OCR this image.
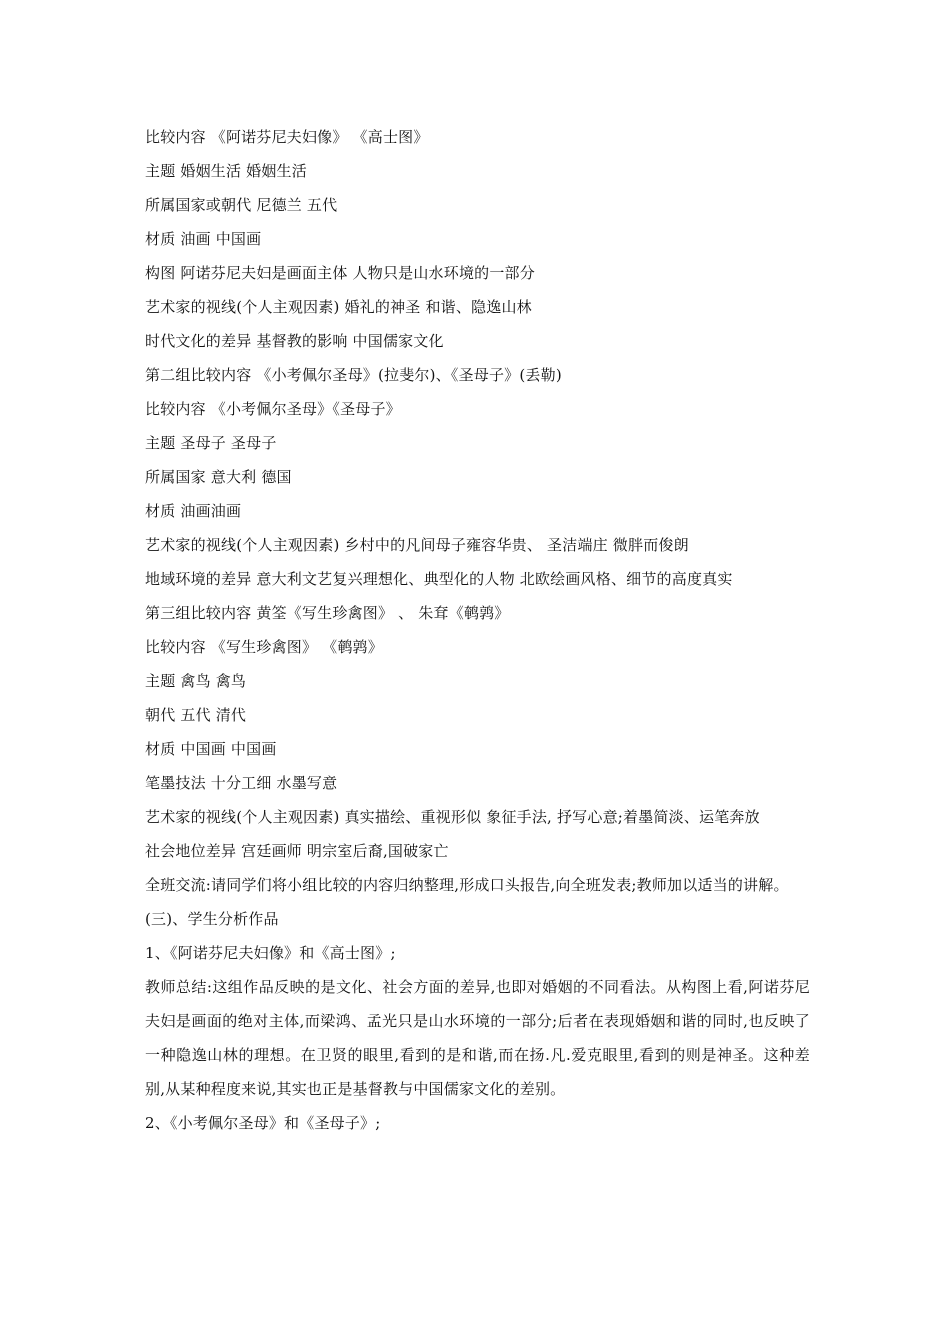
比较内容 《阿诺芬尼夫妇像》 《高士图》
主题 婚姻生活 婚姻生活
所属国家或朝代 尼德兰 五代
材质 油画 中国画
构图 阿诺芬尼夫妇是画面主体 人物只是山水环境的一部分
艺术家的视线(个人主观因素) 婚礼的神圣 和谐、隐逸山林
时代文化的差异 基督教的影响 中国儒家文化
第二组比较内容 《小考佩尔圣母》(拉斐尔)、《圣母子》(丢勒)
比较内容 《小考佩尔圣母》《圣母子》
主题 圣母子 圣母子
所属国家 意大利 德国
材质 油画油画
艺术家的视线(个人主观因素) 乡村中的凡间母子雍容华贵、 圣洁端庄 微胖而俊朗
地域环境的差异 意大利文艺复兴理想化、典型化的人物 北欧绘画风格、细节的高度真实
第三组比较内容 黄筌《写生珍禽图》 、 朱耷《鹌鹑》
比较内容 《写生珍禽图》 《鹌鹑》
主题 禽鸟 禽鸟
朝代 五代 清代
材质 中国画 中国画
笔墨技法 十分工细 水墨写意
艺术家的视线(个人主观因素) 真实描绘、重视形似 象征手法, 抒写心意;着墨简淡、运笔奔放
社会地位差异 宫廷画师 明宗室后裔,国破家亡
全班交流:请同学们将小组比较的内容归纳整理,形成口头报告,向全班发表;教师加以适当的讲解。
(三)、学生分析作品
1、《阿诺芬尼夫妇像》和《高士图》;
教师总结:这组作品反映的是文化、社会方面的差异,也即对婚姻的不同看法。从构图上看,阿诺芬尼夫妇是画面的绝对主体,而梁鸿、孟光只是山水环境的一部分;后者在表现婚姻和谐的同时,也反映了一种隐逸山林的理想。在卫贤的眼里,看到的是和谐,而在扬.凡.爱克眼里,看到的则是神圣。这种差别,从某种程度来说,其实也正是基督教与中国儒家文化的差别。
2、《小考佩尔圣母》和《圣母子》;
